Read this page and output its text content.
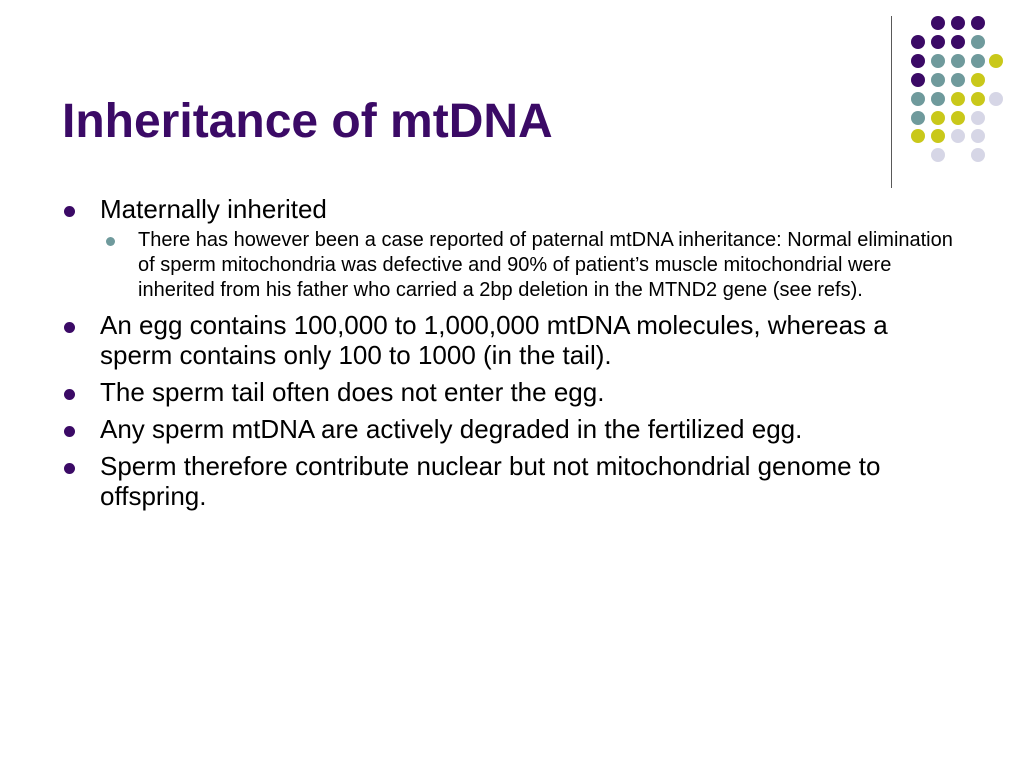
Inheritance of mtDNA
Maternally inherited
There has however been a case reported of paternal mtDNA inheritance: Normal elimination of sperm mitochondria was defective and 90% of patient’s muscle mitochondrial were inherited from his father who carried a 2bp deletion in the MTND2 gene (see refs).
An egg contains 100,000 to 1,000,000 mtDNA molecules, whereas a sperm contains only 100 to 1000 (in the tail).
The sperm tail often does not enter the egg.
Any sperm mtDNA are actively degraded in the fertilized egg.
Sperm therefore contribute nuclear but not mitochondrial genome to offspring.
